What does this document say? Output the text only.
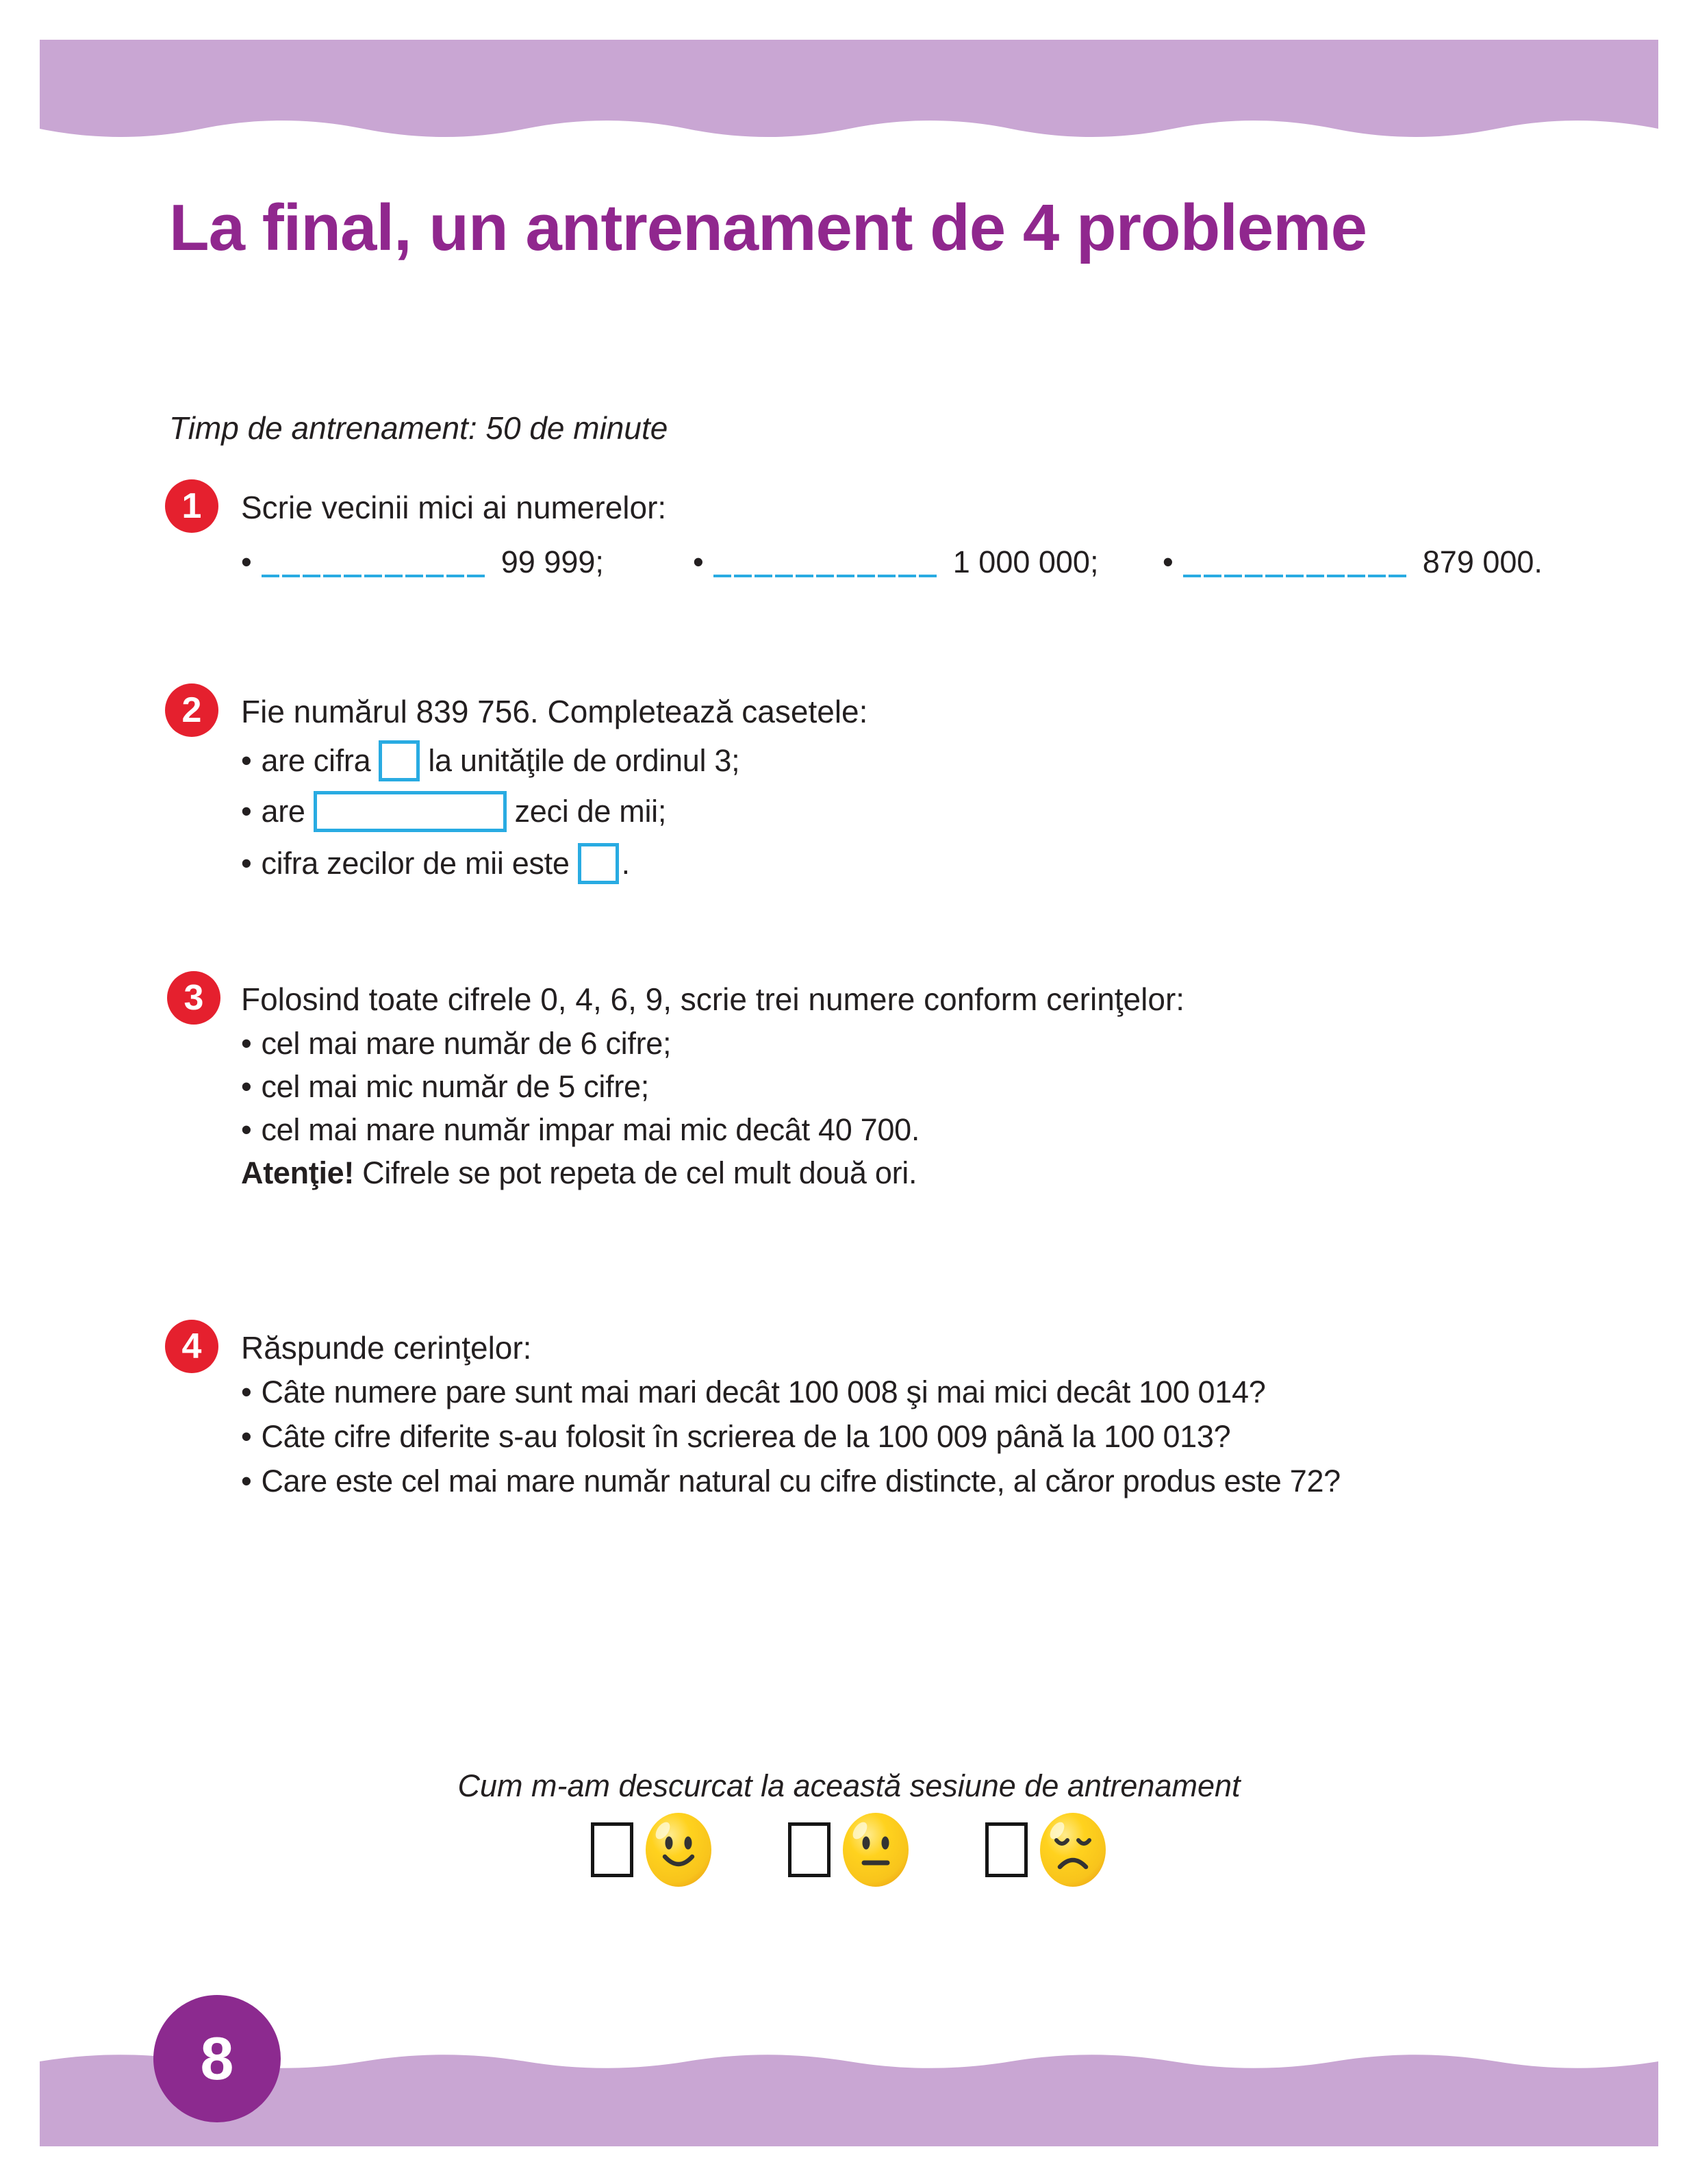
La final, un antrenament de 4 probleme
Timp de antrenament: 50 de minute
1 Scrie vecinii mici ai numerelor:
•	99 999;	•	1 000 000; •	879 000.
2 Fie numărul 839 756. Completează casetele:
• are cifra la unităţile de ordinul 3;
• are	zeci de mii;
• cifra zecilor de mii este .
3 Folosind toate cifrele 0, 4, 6, 9, scrie trei numere conform cerinţelor:
• cel mai mare număr de 6 cifre;
• cel mai mic număr de 5 cifre;
• cel mai mare număr impar mai mic decât 40 700.
Atenţie! Cifrele se pot repeta de cel mult două ori.
4 Răspunde cerinţelor:
• Câte numere pare sunt mai mari decât 100 008 şi mai mici decât 100 014?
• Câte cifre diferite s-au folosit în scrierea de la 100 009 până la 100 013?
• Care este cel mai mare număr natural cu cifre distincte, al căror produs este 72?
Cum m-am descurcat la această sesiune de antrenament
8
